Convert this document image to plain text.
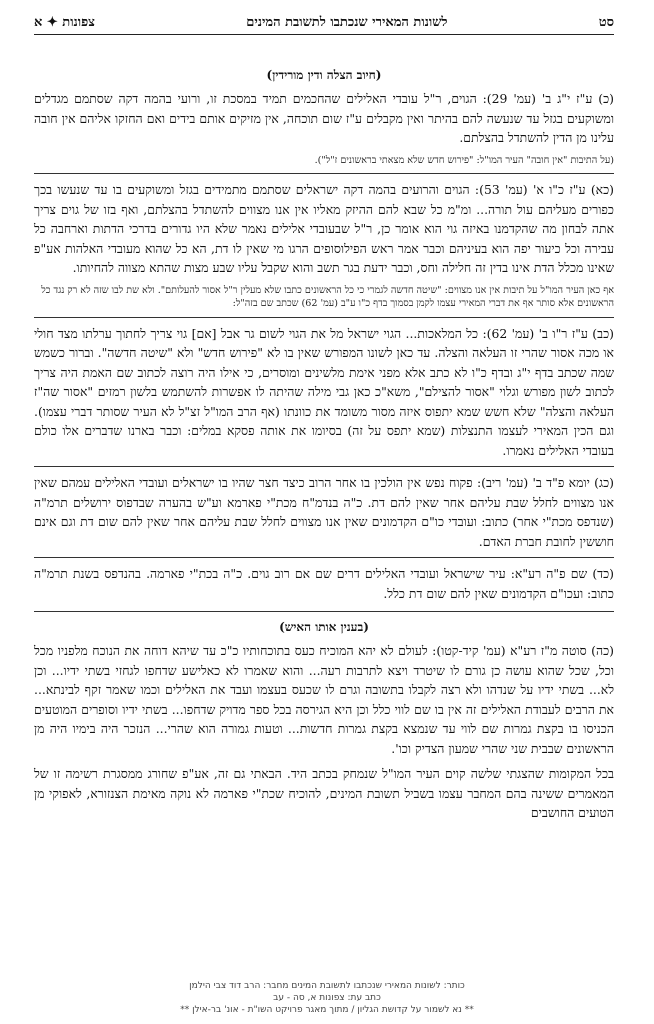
סט
לשונות המאירי שנכתבו לתשובת המינים
צפונות ✦ א
(חיוב הצלה ודין מורידין)

(כ) ע"ז י"ג ב' (עמ' 29): הגוים, ר"ל עובדי האלילים שהחכמים תמיד במסכת זו, ורועי בהמה דקה שסתמם מגדלים ומשוקעים בגזל עד שנעשה להם בהיתר ואין מקבלים ע"ז שום תוכחה, אין מזיקים אותם בידים ואם החזקו אליהם אין חובה עלינו מן הדין להשתדל בהצלתם.

(על התיבות "אין חובה" העיר המו"ל: "פירוש חדש שלא מצאתי בראשונים ז"ל").

(כא) ע"ז כ"ו א' (עמ' 53): הגוים והרועים בהמה דקה ישראלים שסתמם מתמידים בגזל ומשוקעים בו עד שנעשו בכך כפורים מעליהם עול תורה... ומ"מ כל שבא להם ההיזק מאליו אין אנו מצווים להשתדל בהצלתם, ואף בזו של גוים צריך אתה לבחון מה שהקדמנו באיזה גוי הוא אומר כן, ר"ל שבעובדי אלילים נאמר שלא היו גדורים בדרכי הדתות וארחבה כל עבירה וכל כיעור יפה הוא בעיניהם וכבר אמר ראש הפילוסופים הרגו מי שאין לו דת, הא כל שהוא מעובדי האלהות אע"פ שאינו מכלל הדת אינו בדין זה חלילה וחס, וכבר ידעת בגר תשב והוא שקבל עליו שבע מצות שהתא מצווה להחיותו.

אף כאן העיר המו"ל על תיבות אין אנו מצווים: "שיטה חדשה לגמרי כי כל הראשונים כתבו שלא מעלין ר"ל אסור להעלותם". ולא שת לבו שזה לא רק נגד כל הראשונים אלא סותר אף את דברי המאירי עצמו לקמן בסמוך בדף כ"ו ע"ב (עמ' 62) שכתב שם בזה"ל:

(כב) ע"ז ר"ו ב' (עמ' 62): כל המלאכות... הגוי ישראל מל את הגוי לשום גר אבל [אם] גוי צריך לחתוך ערלתו מצד חולי או מכה אסור שהרי זו העלאה והצלה. עד כאן לשונו המפורש שאין בו לא "פירוש חדש" ולא "שיטה חדשה". וברור כשמש שמה שכתב בדף י"ג ובדף כ"ו לא כתב אלא מפני אימת מלשינים ומוסרים, כי אילו היה רוצה לכתוב שם האמת היה צריך לכתוב לשון מפורש וגלוי "אסור להצילם", משא"כ כאן גבי מילה שהיתה לו אפשרות להשתמש בלשון רמזים "אסור שה"ז העלאה והצלה" שלא חשש שמא יתפוס איזה מסור משומד את כוונתו (אף הרב המו"ל זצ"ל לא העיר שסותר דברי עצמו). וגם הכין המאירי לעצמו התנצלות (שמא יתפס על זה) בסיומו את אותה פסקא במלים: וכבר בארנו שדברים אלו כולם בעובדי האלילים נאמרו.

(כג) יומא פ"ד ב' (עמ' ריב): פקוח נפש אין הולכין בו אחר הרוב כיצד חצר שהיו בו ישראלים ועובדי האלילים עמהם שאין אנו מצווים לחלל שבת עליהם אחר שאין להם דת. כ"ה בנדמ"ח מכת"י פארמא וע"ש בהערה שבדפוס ירושלים תרמ"ה (שנדפס מכת"י אחר) כתוב: ועובדי כו"ם הקדמונים שאין אנו מצווים לחלל שבת עליהם אחר שאין להם שום דת וגם אינם חוששין לחובת חברת האדם.

(כד) שם פ"ה רע"א: עיר שישראל ועובדי האלילים דרים שם אם רוב גוים. כ"ה בכת"י פארמה. בהנדפס בשנת תרמ"ה כתוב: ועכו"ם הקדמונים שאין להם שום דת כלל.

(בענין אותו האיש)

(כה) סוטה מ"ז רע"א (עמ' קיד-קטו): לעולם לא יהא המוכיח כעס בתוכחותיו כ"כ עד שיהא דוחה את הנוכח מלפניו מכל וכל, שכל שהוא עושה כן גורם לו שיטרד ויצא לתרבות רעה... והוא שאמרו לא כאלישע שדחפו לגחזי בשתי ידיו... וכן לא... בשתי ידיו על שנדהו ולא רצה לקבלו בתשובה וגרם לו שכעס בעצמו ועבד את האלילים וכמו שאמר זקף לבינתא... את הרבים לעבודת האלילים זה אין בו שם לווי כלל וכן היא הגירסה בכל ספר מדויק שדחפו... בשתי ידיו וסופרים המוטעים הכניסו בו בקצת גמרות שם לווי עד שנמצא בקצת גמרות חדשות... וטעות גמורה הוא שהרי... הנזכר היה בימיו היה מן הראשונים שבבית שני שהרי שמעון הצדיק וכו'.

בכל המקומות שהצגתי שלשה קוים העיר המו"ל שנמחק בכתב היד. הבאתי גם זה, אע"פ שחורג ממסגרת רשימה זו של המאמרים ששינה בהם המחבר עצמו בשביל תשובת המינים, להוכיח שכת"י פארמה לא נוקה מאימת הצנזורא, לאפוקי מן הטועים החושבים

כותר: לשונות המאירי שנכתבו לתשובת המינים מחבר: הרב דוד צבי הילמן
כתב עת: צפונות א, סה - עב
** נא לשמור על קדושת הגליון / מתוך מאגר פרויקט השו"ת - אונ' בר-אילן **
